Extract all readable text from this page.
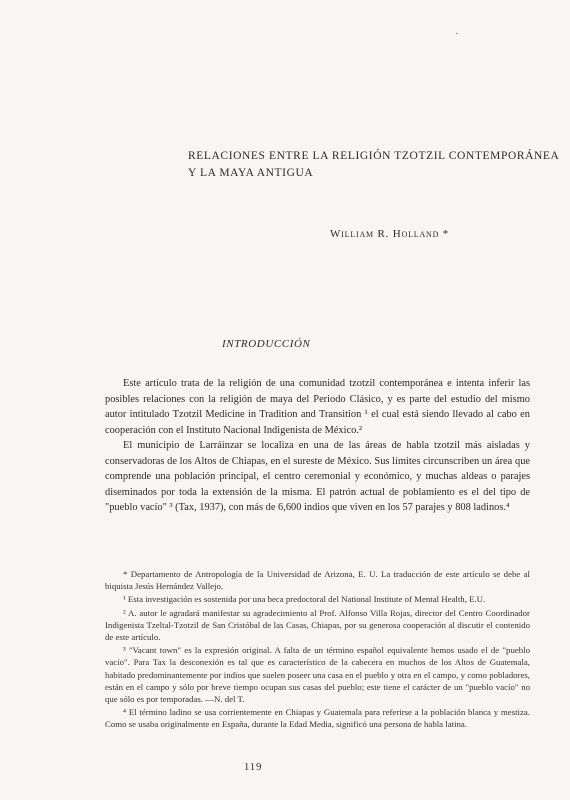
·
RELACIONES ENTRE LA RELIGIÓN TZOTZIL CONTEMPORÁNEA
Y LA MAYA ANTIGUA
William R. Holland *
INTRODUCCIÓN

Este artículo trata de la religión de una comunidad tzotzil contemporánea e intenta inferir las posibles relaciones con la religión de maya del Periodo Clásico, y es parte del estudio del mismo autor intitulado Tzotzil Medicine in Tradition and Transition ¹ el cual está siendo llevado al cabo en cooperación con el Instituto Nacional Indigenista de México.²

El municipio de Larráinzar se localiza en una de las áreas de habla tzotzil más aisladas y conservadoras de los Altos de Chiapas, en el sureste de México. Sus límites circunscriben un área que comprende una población principal, el centro ceremonial y económico, y muchas aldeas o parajes diseminados por toda la extensión de la misma. El patrón actual de poblamiento es el del tipo de "pueblo vacío" ³ (Tax, 1937), con más de 6,600 indios que viven en los 57 parajes y 808 ladinos.⁴

* Departamento de Antropología de la Universidad de Arizona, E. U. La traducción de este artículo se debe al biquista Jesús Hernández Vallejo.

¹ Esta investigación es sostenida por una beca predoctoral del National Institute of Mental Health, E.U.

² A. autor le agradará manifestar su agradecimiento al Prof. Alfonso Villa Rojas, director del Centro Coordinador Indigenista Tzeltal-Tzotzil de San Cristóbal de las Casas, Chiapas, por su generosa cooperación al discutir el contenido de este artículo.

³ "Vacant town" es la expresión original. A falta de un término español equivalente hemos usado el de "pueblo vacío". Para Tax la desconexión es tal que es característico de la cabecera en muchos de los Altos de Guatemala, habitado predominantemente por indios que suelen poseer una casa en el pueblo y otra en el campo, y como pobladores, están en el campo y sólo por breve tiempo ocupan sus casas del pueblo; este tiene el carácter de un "pueblo vacío" no que sólo es por temporadas. —N. del T.

⁴ El término ladino se usa corrientemente en Chiapas y Guatemala para referirse a la población blanca y mestiza. Como se usaba originalmente en España, durante la Edad Media, significó una persona de habla latina.

119
